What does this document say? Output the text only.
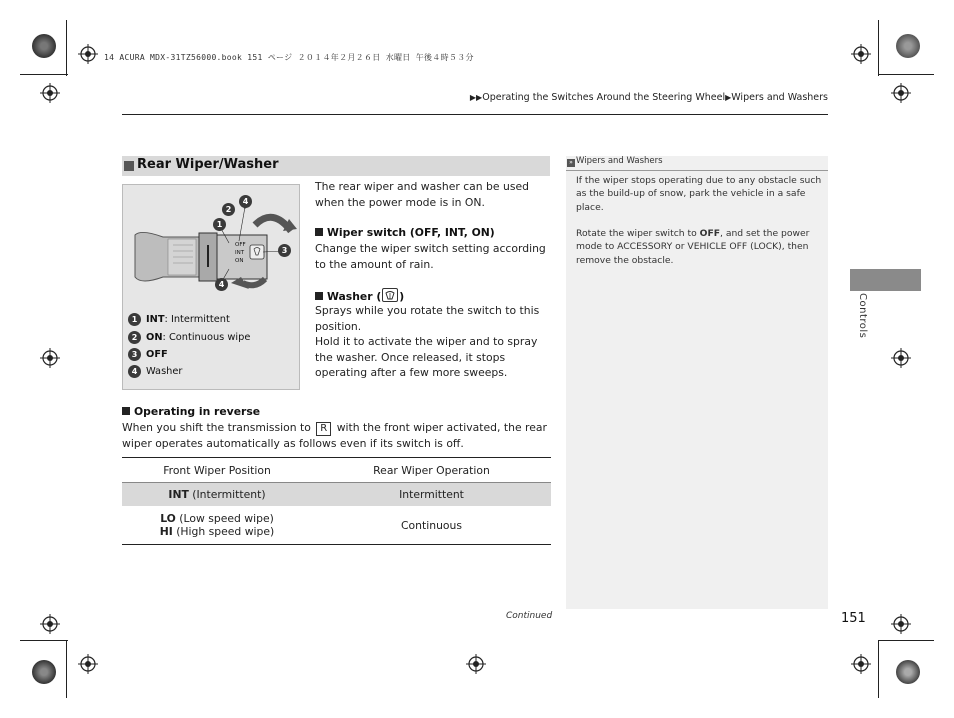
14 ACURA MDX-31TZ56000.book 151 ページ ２０１４年２月２６日 水曜日 午後４時５３分
▶▶Operating the Switches Around the Steering Wheel▶Wipers and Washers
Rear Wiper/Washer
OFF
INT
ON
1
2
4
3
4
1 INT : Intermittent
2 ON : Continuous wipe
3 OFF
4 Washer
The rear wiper and washer can be used when the power mode is in ON.
Wiper switch (OFF, INT, ON)
Change the wiper switch setting according to the amount of rain.
Washer ( )
Sprays while you rotate the switch to this position.
Hold it to activate the wiper and to spray the washer. Once released, it stops operating after a few more sweeps.
Operating in reverse
When you shift the transmission to R with the front wiper activated, the rear wiper operates automatically as follows even if its switch is off.
Front Wiper Position	Rear Wiper Operation
INT (Intermittent)	Intermittent
LO (Low speed wipe)
HI (High speed wipe)	Continuous
» Wipers and Washers
If the wiper stops operating due to any obstacle such as the build-up of snow, park the vehicle in a safe place.
Rotate the wiper switch to OFF, and set the power mode to ACCESSORY or VEHICLE OFF (LOCK), then remove the obstacle.
Controls
Continued	151
